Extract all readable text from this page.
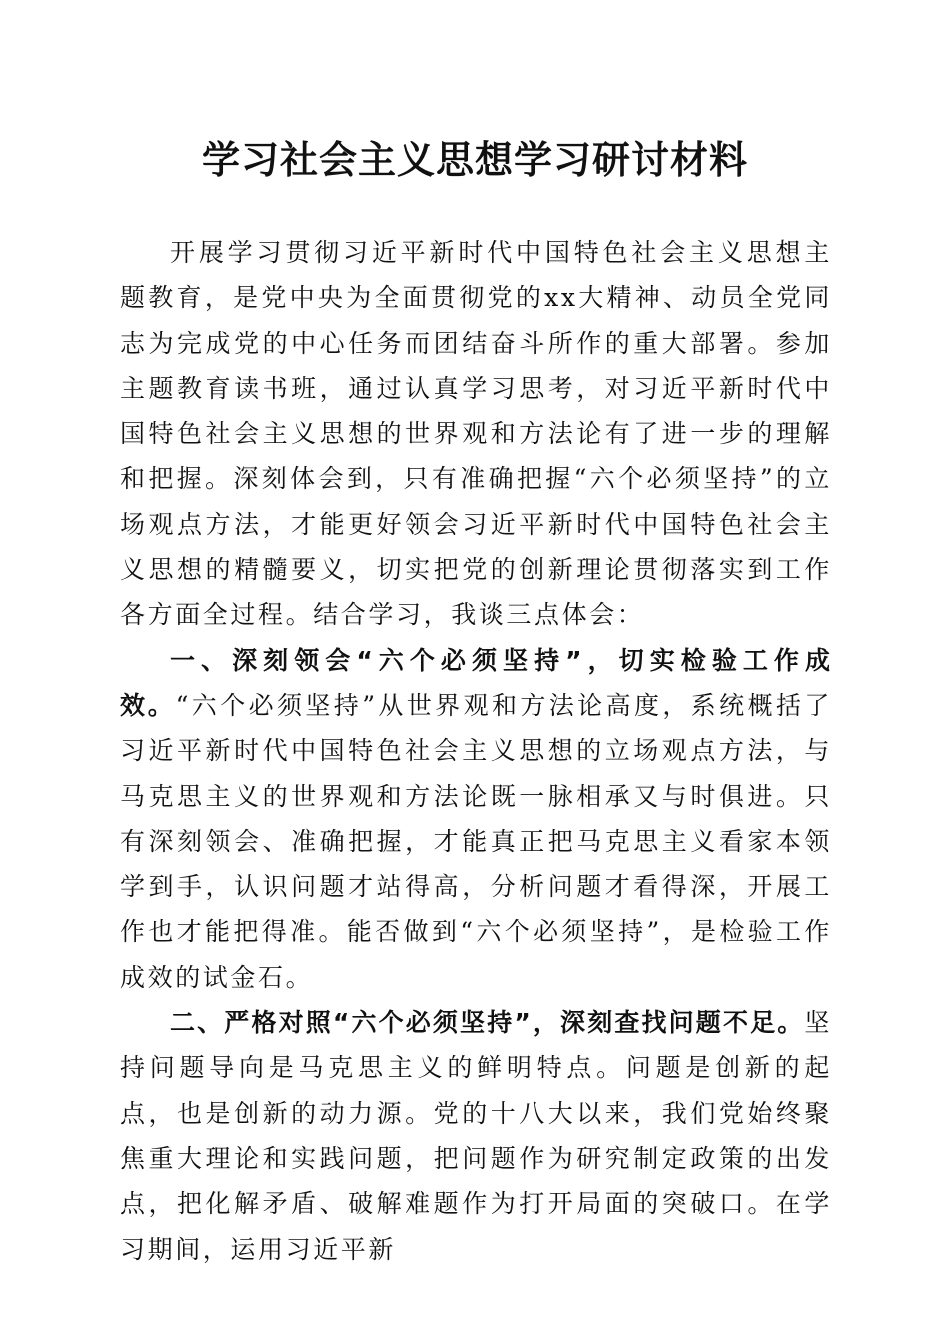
学习社会主义思想学习研讨材料

开展学习贯彻习近平新时代中国特色社会主义思想主题教育，是党中央为全面贯彻党的xx大精神、动员全党同志为完成党的中心任务而团结奋斗所作的重大部署。参加主题教育读书班，通过认真学习思考，对习近平新时代中国特色社会主义思想的世界观和方法论有了进一步的理解和把握。深刻体会到，只有准确把握“六个必须坚持”的立场观点方法，才能更好领会习近平新时代中国特色社会主义思想的精髓要义，切实把党的创新理论贯彻落实到工作各方面全过程。结合学习，我谈三点体会：

一、深刻领会“六个必须坚持”，切实检验工作成效。“六个必须坚持”从世界观和方法论高度，系统概括了习近平新时代中国特色社会主义思想的立场观点方法，与马克思主义的世界观和方法论既一脉相承又与时俱进。只有深刻领会、准确把握，才能真正把马克思主义看家本领学到手，认识问题才站得高，分析问题才看得深，开展工作也才能把得准。能否做到“六个必须坚持”，是检验工作成效的试金石。

二、严格对照“六个必须坚持”，深刻查找问题不足。坚持问题导向是马克思主义的鲜明特点。问题是创新的起点，也是创新的动力源。党的十八大以来，我们党始终聚焦重大理论和实践问题，把问题作为研究制定政策的出发点，把化解矛盾、破解难题作为打开局面的突破口。在学习期间，运用习近平新
